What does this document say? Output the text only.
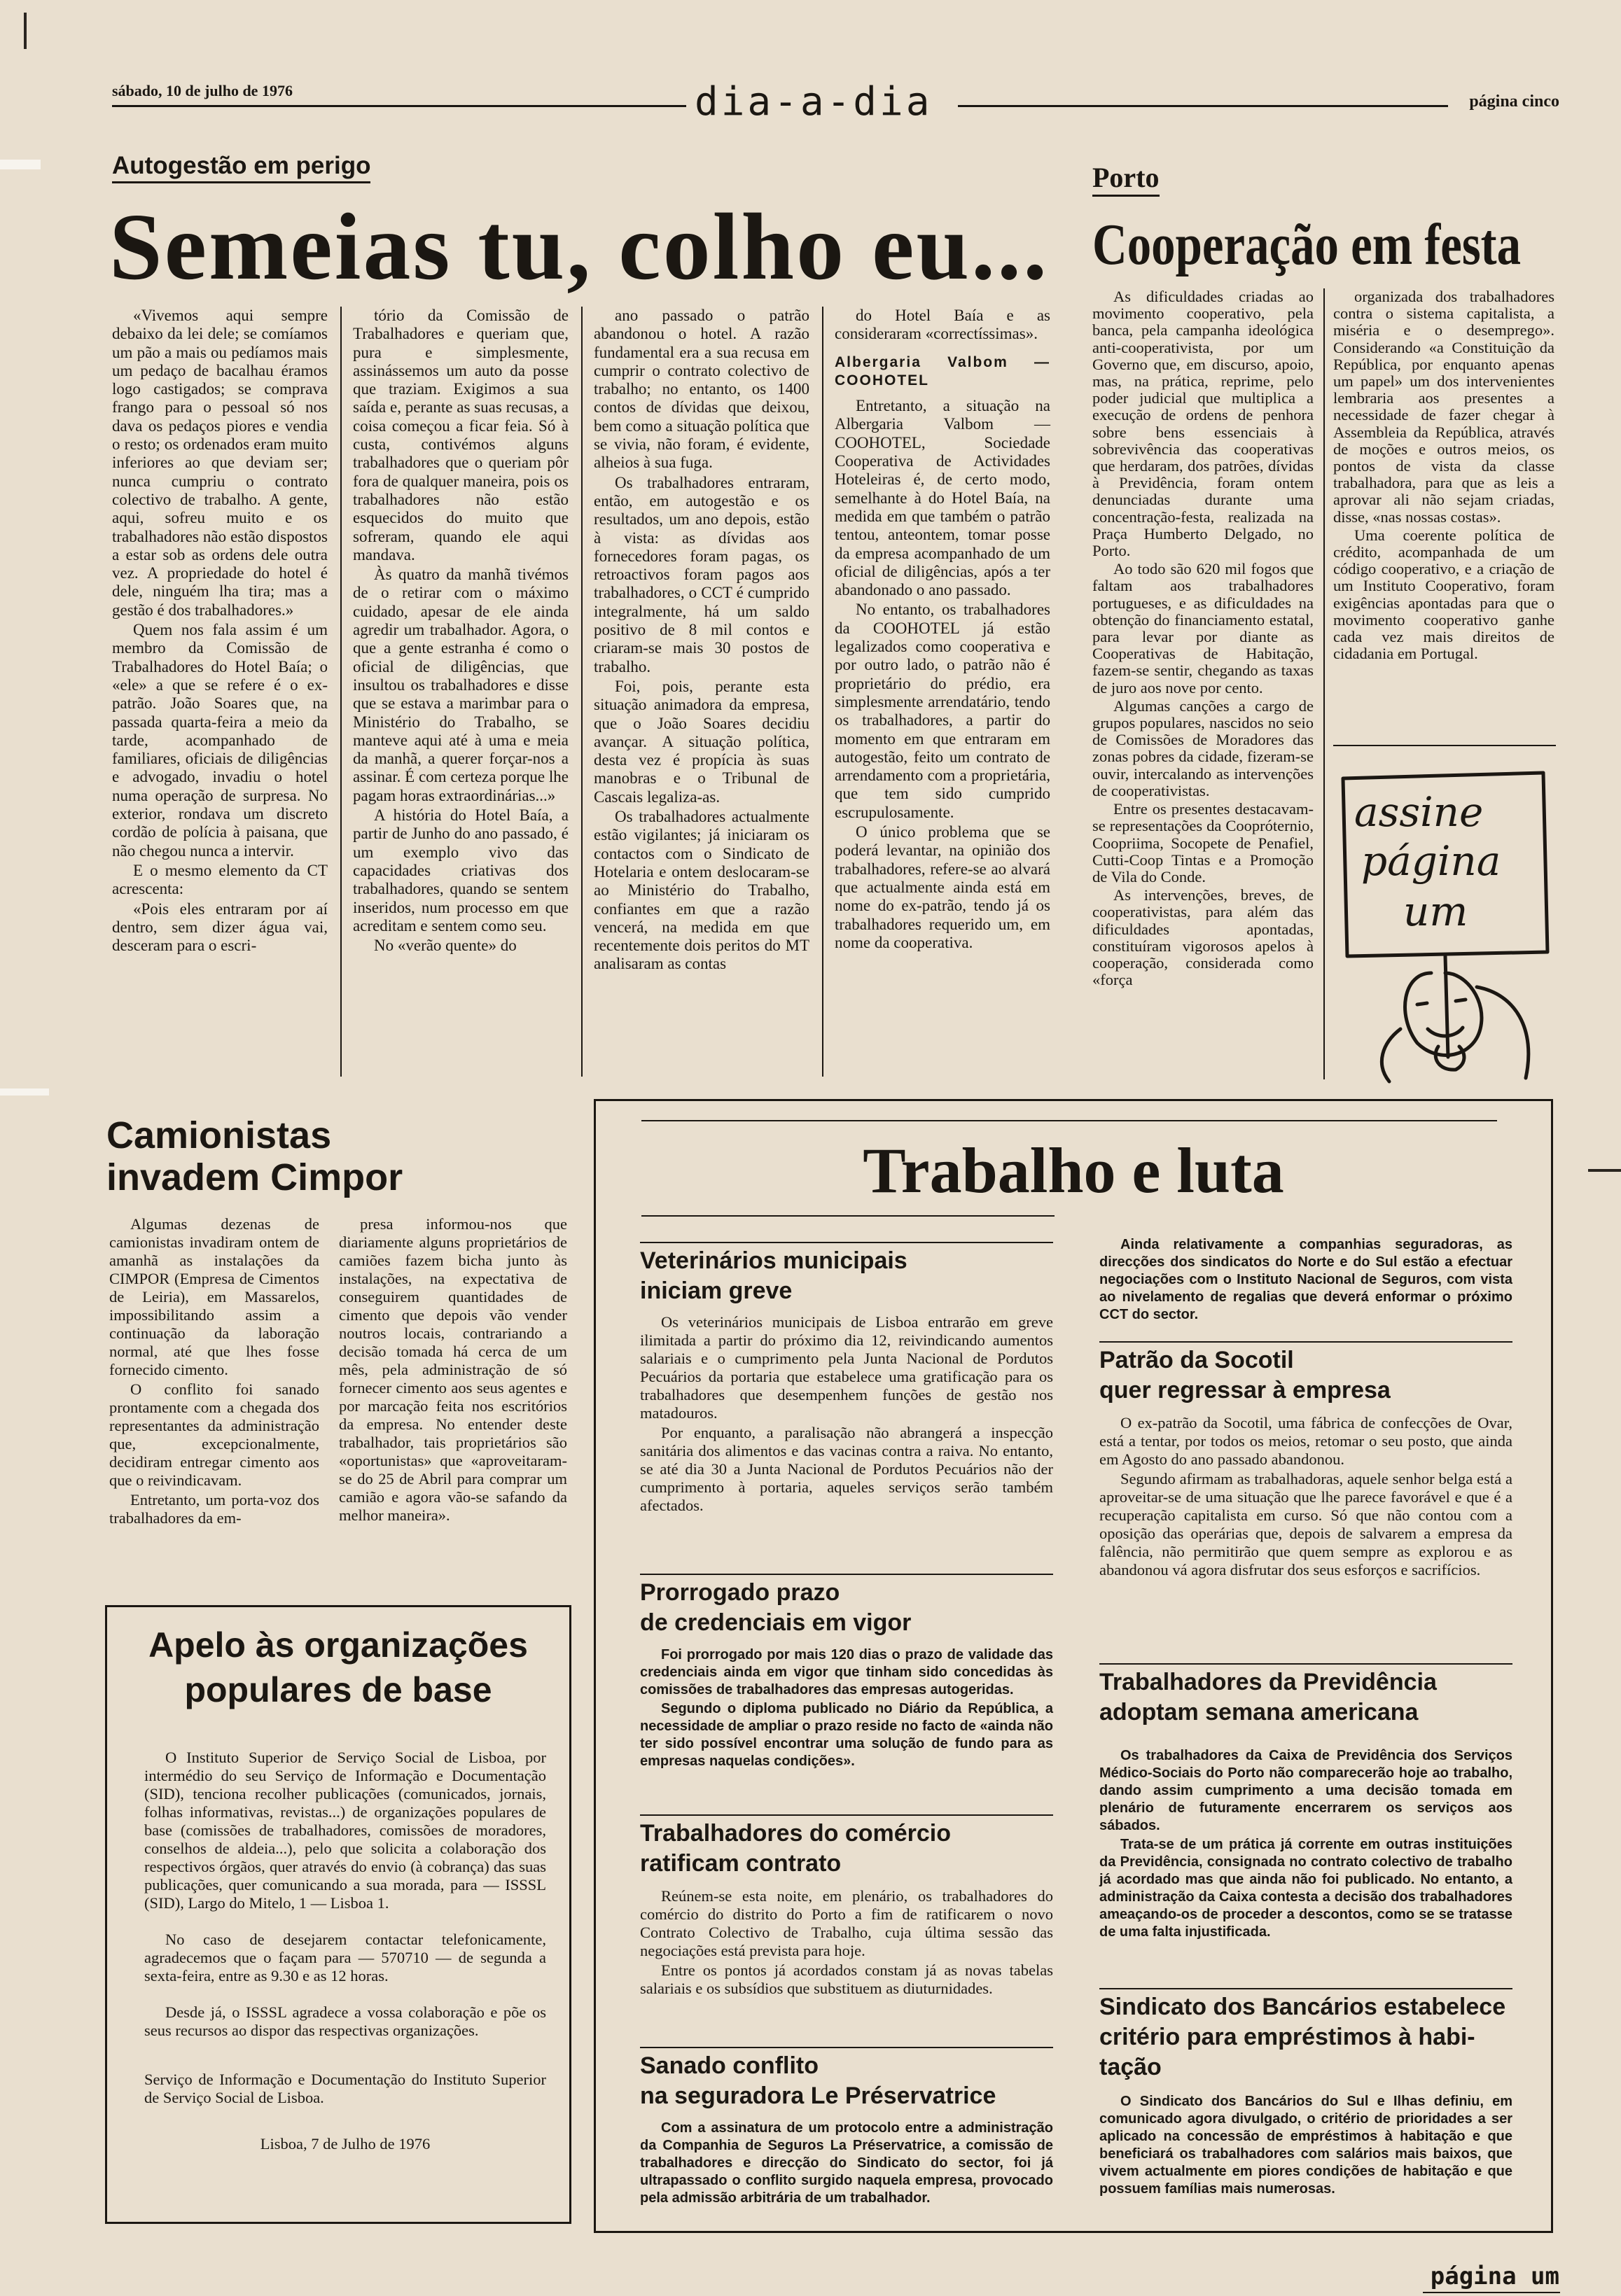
sábado, 10 de julho de 1976	dia-a-dia	página cinco
Autogestão em perigo
Semeias tu, colho eu...

«Vivemos aqui sempre debaixo da lei dele; se comíamos um pão a mais ou pedíamos mais um pedaço de bacalhau éramos logo castigados; se comprava frango para o pessoal só nos dava os pedaços piores e vendia o resto; os ordenados eram muito inferiores ao que deviam ser; nunca cumpriu o contrato colectivo de trabalho. A gente, aqui, sofreu muito e os trabalhadores não estão dispostos a estar sob as ordens dele outra vez. A propriedade do hotel é dele, ninguém lha tira; mas a gestão é dos trabalhadores.»

Quem nos fala assim é um membro da Comissão de Trabalhadores do Hotel Baía; o «ele» a que se refere é o ex-patrão. João Soares que, na passada quarta-feira a meio da tarde, acompanhado de familiares, oficiais de diligências e advogado, invadiu o hotel numa operação de surpresa. No exterior, rondava um discreto cordão de polícia à paisana, que não chegou nunca a intervir.

E o mesmo elemento da CT acrescenta:

«Pois eles entraram por aí dentro, sem dizer água vai, desceram para o escri-

tório da Comissão de Trabalhadores e queriam que, pura e simplesmente, assinássemos um auto da posse que traziam. Exigimos a sua saída e, perante as suas recusas, a coisa começou a ficar feia. Só à custa, contivémos alguns trabalhadores que o queriam pôr fora de qualquer maneira, pois os trabalhadores não estão esquecidos do muito que sofreram, quando ele aqui mandava.

Às quatro da manhã tivémos de o retirar com o máximo cuidado, apesar de ele ainda agredir um trabalhador. Agora, o que a gente estranha é como o oficial de diligências, que insultou os trabalhadores e disse que se estava a marimbar para o Ministério do Trabalho, se manteve aqui até à uma e meia da manhã, a querer forçar-nos a assinar. É com certeza porque lhe pagam horas extraordinárias...»

A história do Hotel Baía, a partir de Junho do ano passado, é um exemplo vivo das capacidades criativas dos trabalhadores, quando se sentem inseridos, num processo em que acreditam e sentem como seu.

No «verão quente» do

ano passado o patrão abandonou o hotel. A razão fundamental era a sua recusa em cumprir o contrato colectivo de trabalho; no entanto, os 1400 contos de dívidas que deixou, bem como a situação política que se vivia, não foram, é evidente, alheios à sua fuga.

Os trabalhadores entraram, então, em autogestão e os resultados, um ano depois, estão à vista: as dívidas aos fornecedores foram pagas, os retroactivos foram pagos aos trabalhadores, o CCT é cumprido integralmente, há um saldo positivo de 8 mil contos e criaram-se mais 30 postos de trabalho.

Foi, pois, perante esta situação animadora da empresa, que o João Soares decidiu avançar. A situação política, desta vez é propícia às suas manobras e o Tribunal de Cascais legaliza-as.

Os trabalhadores actualmente estão vigilantes; já iniciaram os contactos com o Sindicato de Hotelaria e ontem deslocaram-se ao Ministério do Trabalho, confiantes em que a razão vencerá, na medida em que recentemente dois peritos do MT analisaram as contas

do Hotel Baía e as consideraram «correctíssimas».

Albergaria Valbom — COOHOTEL

Entretanto, a situação na Albergaria Valbom — COOHOTEL, Sociedade Cooperativa de Actividades Hoteleiras é, de certo modo, semelhante à do Hotel Baía, na medida em que também o patrão tentou, anteontem, tomar posse da empresa acompanhado de um oficial de diligências, após a ter abandonado o ano passado.

No entanto, os trabalhadores da COOHOTEL já estão legalizados como cooperativa e por outro lado, o patrão não é proprietário do prédio, era simplesmente arrendatário, tendo os trabalhadores, a partir do momento em que entraram em autogestão, feito um contrato de arrendamento com a proprietária, que tem sido cumprido escrupulosamente.

O único problema que se poderá levantar, na opinião dos trabalhadores, refere-se ao alvará que actualmente ainda está em nome do ex-patrão, tendo já os trabalhadores requerido um, em nome da cooperativa.

Porto
Cooperação em festa

As dificuldades criadas ao movimento cooperativo, pela banca, pela campanha ideológica anti-cooperativista, por um Governo que, em discurso, apoio, mas, na prática, reprime, pelo poder judicial que multiplica a execução de ordens de penhora sobre bens essenciais à sobrevivência das cooperativas que herdaram, dos patrões, dívidas à Previdência, foram ontem denunciadas durante uma concentração-festa, realizada na Praça Humberto Delgado, no Porto.

Ao todo são 620 mil fogos que faltam aos trabalhadores portugueses, e as dificuldades na obtenção do financiamento estatal, para levar por diante as Cooperativas de Habitação, fazem-se sentir, chegando as taxas de juro aos nove por cento.

Algumas canções a cargo de grupos populares, nascidos no seio de Comissões de Moradores das zonas pobres da cidade, fizeram-se ouvir, intercalando as intervenções de cooperativistas.

Entre os presentes destacavam-se representações da Coopróternio, Coopriima, Socopete de Penafiel, Cutti-Coop Tintas e a Promoção de Vila do Conde.

As intervenções, breves, de cooperativistas, para além das dificuldades apontadas, constituíram vigorosos apelos à cooperação, considerada como «força

organizada dos trabalhadores contra o sistema capitalista, a miséria e o desemprego». Considerando «a Constituição da República, por enquanto apenas um papel» um dos intervenientes lembraria aos presentes a necessidade de fazer chegar à Assembleia da República, através de moções e outros meios, os pontos de vista da classe trabalhadora, para que as leis a aprovar ali não sejam criadas, disse, «nas nossas costas».

Uma coerente política de crédito, acompanhada de um código cooperativo, e a criação de um Instituto Cooperativo, foram exigências apontadas para que o movimento cooperativo ganhe cada vez mais direitos de cidadania em Portugal.

assine
página
um
Camionistas
invadem Cimpor

Algumas dezenas de camionistas invadiram ontem de amanhã as instalações da CIMPOR (Empresa de Cimentos de Leiria), em Massarelos, impossibilitando assim a continuação da laboração normal, até que lhes fosse fornecido cimento.

O conflito foi sanado prontamente com a chegada dos representantes da administração que, excepcionalmente, decidiram entregar cimento aos que o reivindicavam.

Entretanto, um porta-voz dos trabalhadores da em-

presa informou-nos que diariamente alguns proprietários de camiões fazem bicha junto às instalações, na expectativa de conseguirem quantidades de cimento que depois vão vender noutros locais, contrariando a decisão tomada há cerca de um mês, pela administração de só fornecer cimento aos seus agentes e por marcação feita nos escritórios da empresa. No entender deste trabalhador, tais proprietários são «oportunistas» que «aproveitaram-se do 25 de Abril para comprar um camião e agora vão-se safando da melhor maneira».

Apelo às organizações
populares de base

O Instituto Superior de Serviço Social de Lisboa, por intermédio do seu Serviço de Informação e Documentação (SID), tenciona recolher publicações (comunicados, jornais, folhas informativas, revistas...) de organizações populares de base (comissões de trabalhadores, comissões de moradores, conselhos de aldeia...), pelo que solicita a colaboração dos respectivos órgãos, quer através do envio (à cobrança) das suas publicações, quer comunicando a sua morada, para — ISSSL (SID), Largo do Mitelo, 1 — Lisboa 1.

No caso de desejarem contactar telefonicamente, agradecemos que o façam para — 570710 — de segunda a sexta-feira, entre as 9.30 e as 12 horas.

Desde já, o ISSSL agradece a vossa colaboração e põe os seus recursos ao dispor das respectivas organizações.

Serviço de Informação e Documentação do Instituto Superior de Serviço Social de Lisboa.

Lisboa, 7 de Julho de 1976

Trabalho e luta
Veterinários municipais
iniciam greve

Os veterinários municipais de Lisboa entrarão em greve ilimitada a partir do próximo dia 12, reivindicando aumentos salariais e o cumprimento pela Junta Nacional de Pordutos Pecuários da portaria que estabelece uma gratificação para os trabalhadores que desempenhem funções de gestão nos matadouros.

Por enquanto, a paralisação não abrangerá a inspecção sanitária dos alimentos e das vacinas contra a raiva. No entanto, se até dia 30 a Junta Nacional de Pordutos Pecuários não der cumprimento à portaria, aqueles serviços serão também afectados.

Prorrogado prazo
de credenciais em vigor

Foi prorrogado por mais 120 dias o prazo de validade das credenciais ainda em vigor que tinham sido concedidas às comissões de trabalhadores das empresas autogeridas.

Segundo o diploma publicado no Diário da República, a necessidade de ampliar o prazo reside no facto de «ainda não ter sido possível encontrar uma solução de fundo para as empresas naquelas condições».

Trabalhadores do comércio
ratificam contrato

Reúnem-se esta noite, em plenário, os trabalhadores do comércio do distrito do Porto a fim de ratificarem o novo Contrato Colectivo de Trabalho, cuja última sessão das negociações está prevista para hoje.

Entre os pontos já acordados constam já as novas tabelas salariais e os subsídios que substituem as diuturnidades.

Sanado conflito
na seguradora Le Préservatrice

Com a assinatura de um protocolo entre a administração da Companhia de Seguros La Préservatrice, a comissão de trabalhadores e direcção do Sindicato do sector, foi já ultrapassado o conflito surgido naquela empresa, provocado pela admissão arbitrária de um trabalhador.

Ainda relativamente a companhias seguradoras, as direcções dos sindicatos do Norte e do Sul estão a efectuar negociações com o Instituto Nacional de Seguros, com vista ao nivelamento de regalias que deverá enformar o próximo CCT do sector.

Patrão da Socotil
quer regressar à empresa

O ex-patrão da Socotil, uma fábrica de confecções de Ovar, está a tentar, por todos os meios, retomar o seu posto, que ainda em Agosto do ano passado abandonou.

Segundo afirmam as trabalhadoras, aquele senhor belga está a aproveitar-se de uma situação que lhe parece favorável e que é a recuperação capitalista em curso. Só que não contou com a oposição das operárias que, depois de salvarem a empresa da falência, não permitirão que quem sempre as explorou e as abandonou vá agora disfrutar dos seus esforços e sacrifícios.

Trabalhadores da Previdência
adoptam semana americana

Os trabalhadores da Caixa de Previdência dos Serviços Médico-Sociais do Porto não comparecerão hoje ao trabalho, dando assim cumprimento a uma decisão tomada em plenário de futuramente encerrarem os serviços aos sábados.

Trata-se de um prática já corrente em outras instituições da Previdência, consignada no contrato colectivo de trabalho já acordado mas que ainda não foi publicado. No entanto, a administração da Caixa contesta a decisão dos trabalhadores ameaçando-os de proceder a descontos, como se se tratasse de uma falta injustificada.

Sindicato dos Bancários estabelece
critério para empréstimos à habi-
tação

O Sindicato dos Bancários do Sul e Ilhas definiu, em comunicado agora divulgado, o critério de prioridades a ser aplicado na concessão de empréstimos à habitação e que beneficiará os trabalhadores com salários mais baixos, que vivem actualmente em piores condições de habitação e que possuem famílias mais numerosas.

página um
